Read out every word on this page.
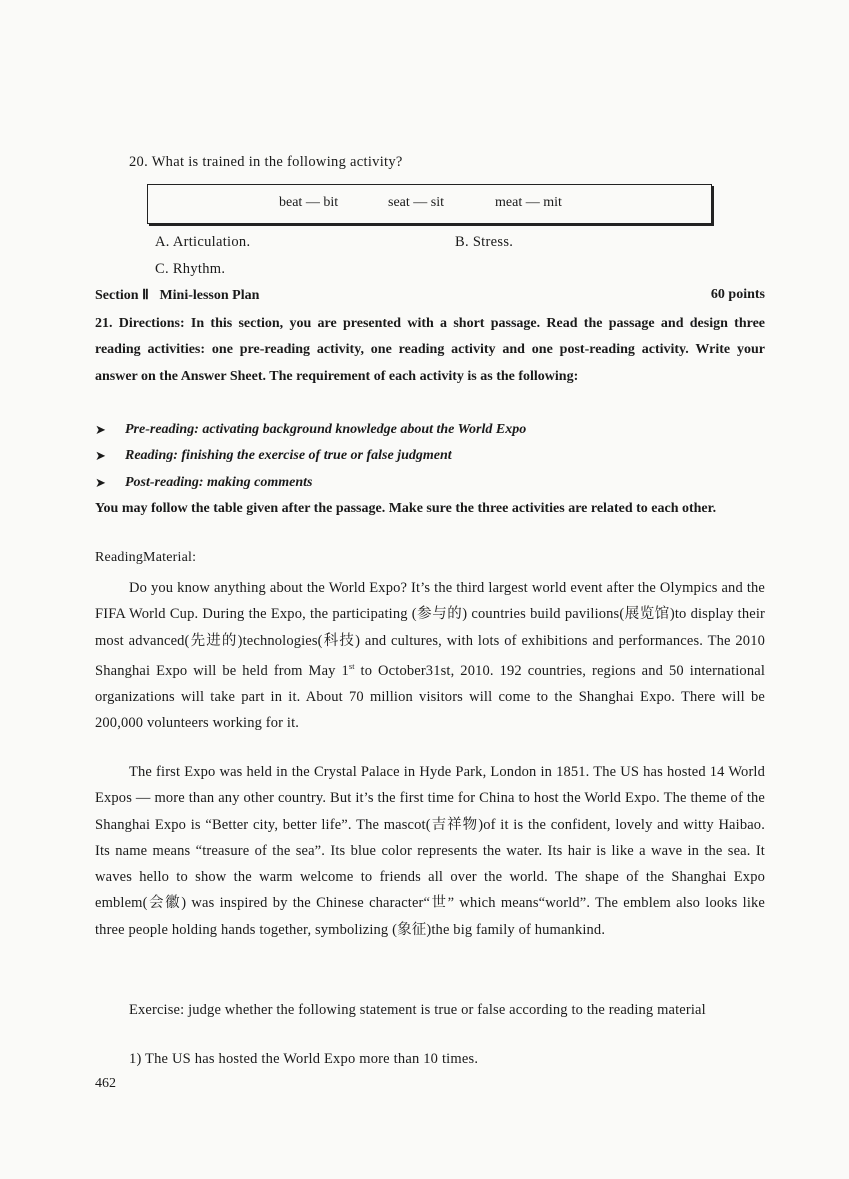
20. What is trained in the following activity?
beat — bit	seat — sit	meat — mit
A. Articulation.	B. Stress.
C. Rhythm.
Section Ⅱ   Mini-lesson Plan	60 points
21. Directions: In this section, you are presented with a short passage. Read the passage and design three reading activities: one pre-reading activity, one reading activity and one post-reading activity. Write your answer on the Answer Sheet. The requirement of each activity is as the following:
➤	Pre-reading: activating background knowledge about the World Expo
➤	Reading: finishing the exercise of true or false judgment
➤	Post-reading: making comments
You may follow the table given after the passage. Make sure the three activities are related to each other.
ReadingMaterial:
Do you know anything about the World Expo? It’s the third largest world event after the Olympics and the FIFA World Cup. During the Expo, the participating (参与的) countries build pavilions(展览馆)to display their most advanced(先进的)technologies(科技) and cultures, with lots of exhibitions and performances. The 2010 Shanghai Expo will be held from May 1st to October31st, 2010. 192 countries, regions and 50 international organizations will take part in it. About 70 million visitors will come to the Shanghai Expo. There will be 200,000 volunteers working for it.
The first Expo was held in the Crystal Palace in Hyde Park, London in 1851. The US has hosted 14 World Expos — more than any other country. But it’s the first time for China to host the World Expo. The theme of the Shanghai Expo is “Better city, better life”. The mascot(吉祥物)of it is the confident, lovely and witty Haibao. Its name means “treasure of the sea”. Its blue color represents the water. Its hair is like a wave in the sea. It waves hello to show the warm welcome to friends all over the world. The shape of the Shanghai Expo emblem(会徽) was inspired by the Chinese character“世” which means“world”. The emblem also looks like three people holding hands together, symbolizing (象征)the big family of humankind.
Exercise: judge whether the following statement is true or false according to the reading material
1) The US has hosted the World Expo more than 10 times.
462
